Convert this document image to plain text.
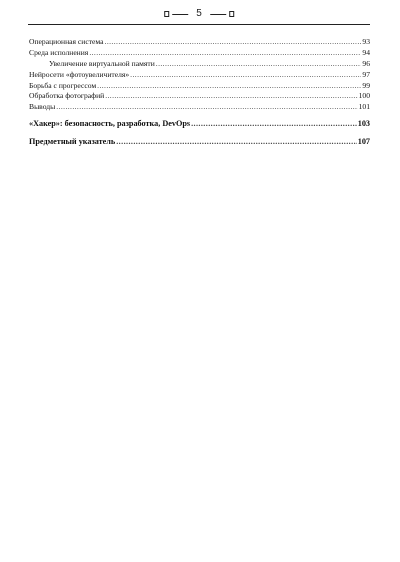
5
Операционная система .....	93
Среда исполнения .....	94
Увеличение виртуальной памяти .....	96
Нейросети «фотоувеличителя» .....	97
Борьба с прогрессом .....	99
Обработка фотографий .....	100
Выводы .....	101
«Хакер»: безопасность, разработка, DevOps .....	103
Предметный указатель .....	107
